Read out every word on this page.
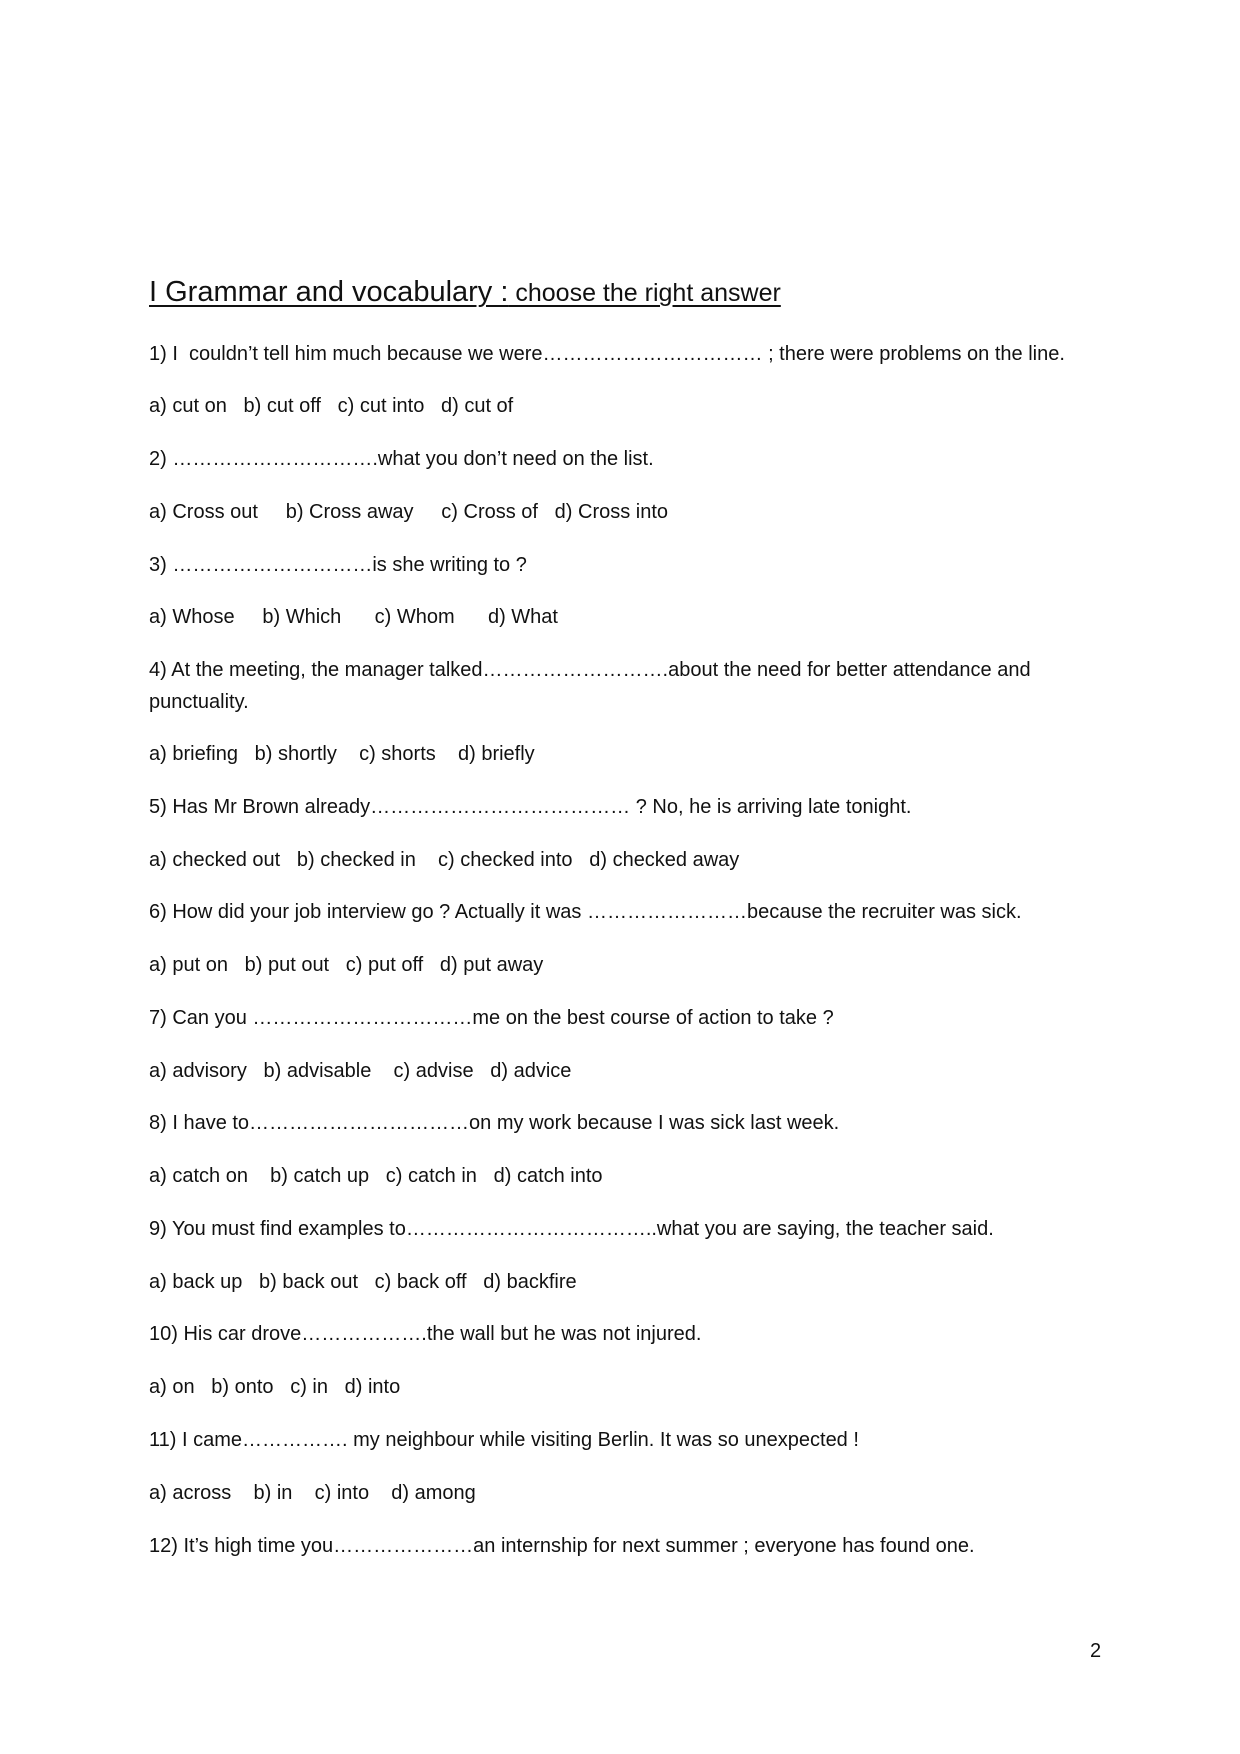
I Grammar and vocabulary : choose the right answer
1) I  couldn’t tell him much because we were…………………………… ; there were problems on the line.
a) cut on   b) cut off   c) cut into   d) cut of
2) ………………………….what you don’t need on the list.
a) Cross out     b) Cross away     c) Cross of   d) Cross into
3) …………………………is she writing to ?
a) Whose     b) Which      c) Whom      d) What
4) At the meeting, the manager talked……………………….about the need for better attendance and
punctuality.
a) briefing   b) shortly    c) shorts    d) briefly
5) Has Mr Brown already………………………………… ? No, he is arriving late tonight.
a) checked out   b) checked in    c) checked into   d) checked away
6) How did your job interview go ? Actually it was ……………………because the recruiter was sick.
a) put on   b) put out   c) put off   d) put away
7) Can you ……………………………me on the best course of action to take ?
a) advisory   b) advisable    c) advise   d) advice
8) I have to……………………………on my work because I was sick last week.
a) catch on    b) catch up   c) catch in   d) catch into
9) You must find examples to………………………………..what you are saying, the teacher said.
a) back up   b) back out   c) back off   d) backfire
10) His car drove……………….the wall but he was not injured.
a) on   b) onto   c) in   d) into
11) I came……………. my neighbour while visiting Berlin. It was so unexpected !
a) across    b) in    c) into    d) among
12) It’s high time you…………………an internship for next summer ; everyone has found one.
2
